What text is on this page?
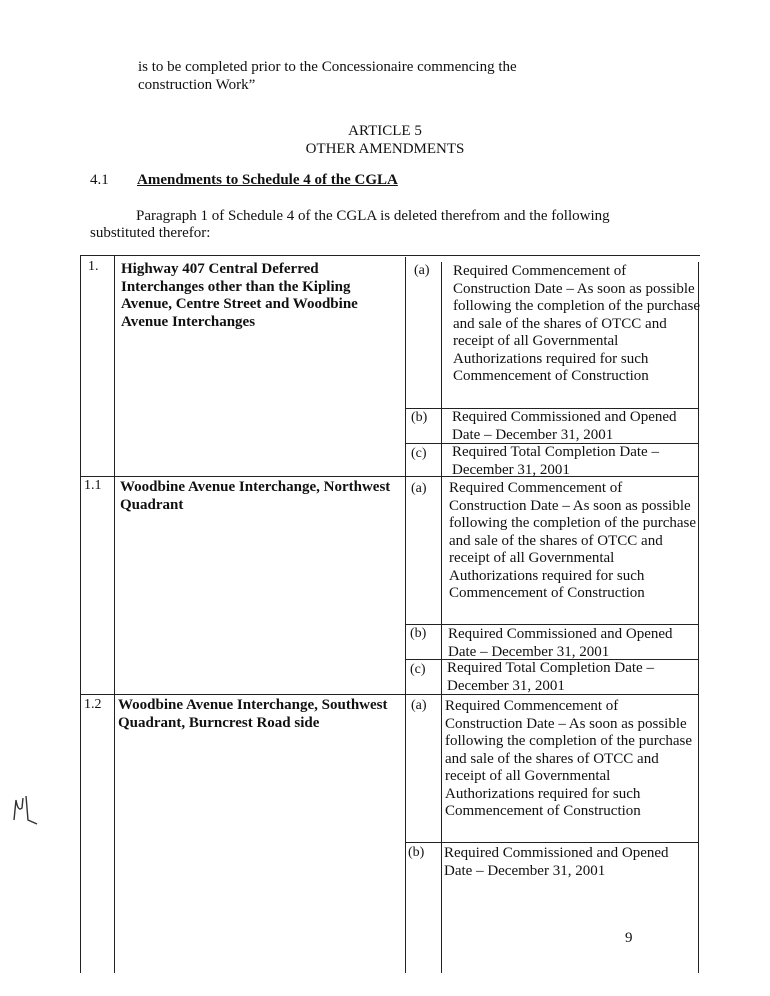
is to be completed prior to the Concessionaire commencing the
construction Work”
ARTICLE 5
OTHER AMENDMENTS
4.1 Amendments to Schedule 4 of the CGLA
Paragraph 1 of Schedule 4 of the CGLA is deleted therefrom and the following substituted therefor:
1. Highway 407 Central Deferred Interchanges other than the Kipling Avenue, Centre Street and Woodbine Avenue Interchanges
(a) Required Commencement of Construction Date – As soon as possible following the completion of the purchase and sale of the shares of OTCC and receipt of all Governmental Authorizations required for such Commencement of Construction
(b) Required Commissioned and Opened Date – December 31, 2001
(c) Required Total Completion Date – December 31, 2001
1.1 Woodbine Avenue Interchange, Northwest Quadrant
(a) Required Commencement of Construction Date – As soon as possible following the completion of the purchase and sale of the shares of OTCC and receipt of all Governmental Authorizations required for such Commencement of Construction
(b) Required Commissioned and Opened Date – December 31, 2001
(c) Required Total Completion Date – December 31, 2001
1.2 Woodbine Avenue Interchange, Southwest Quadrant, Burncrest Road side
(a) Required Commencement of Construction Date – As soon as possible following the completion of the purchase and sale of the shares of OTCC and receipt of all Governmental Authorizations required for such Commencement of Construction
(b) Required Commissioned and Opened Date – December 31, 2001
9
